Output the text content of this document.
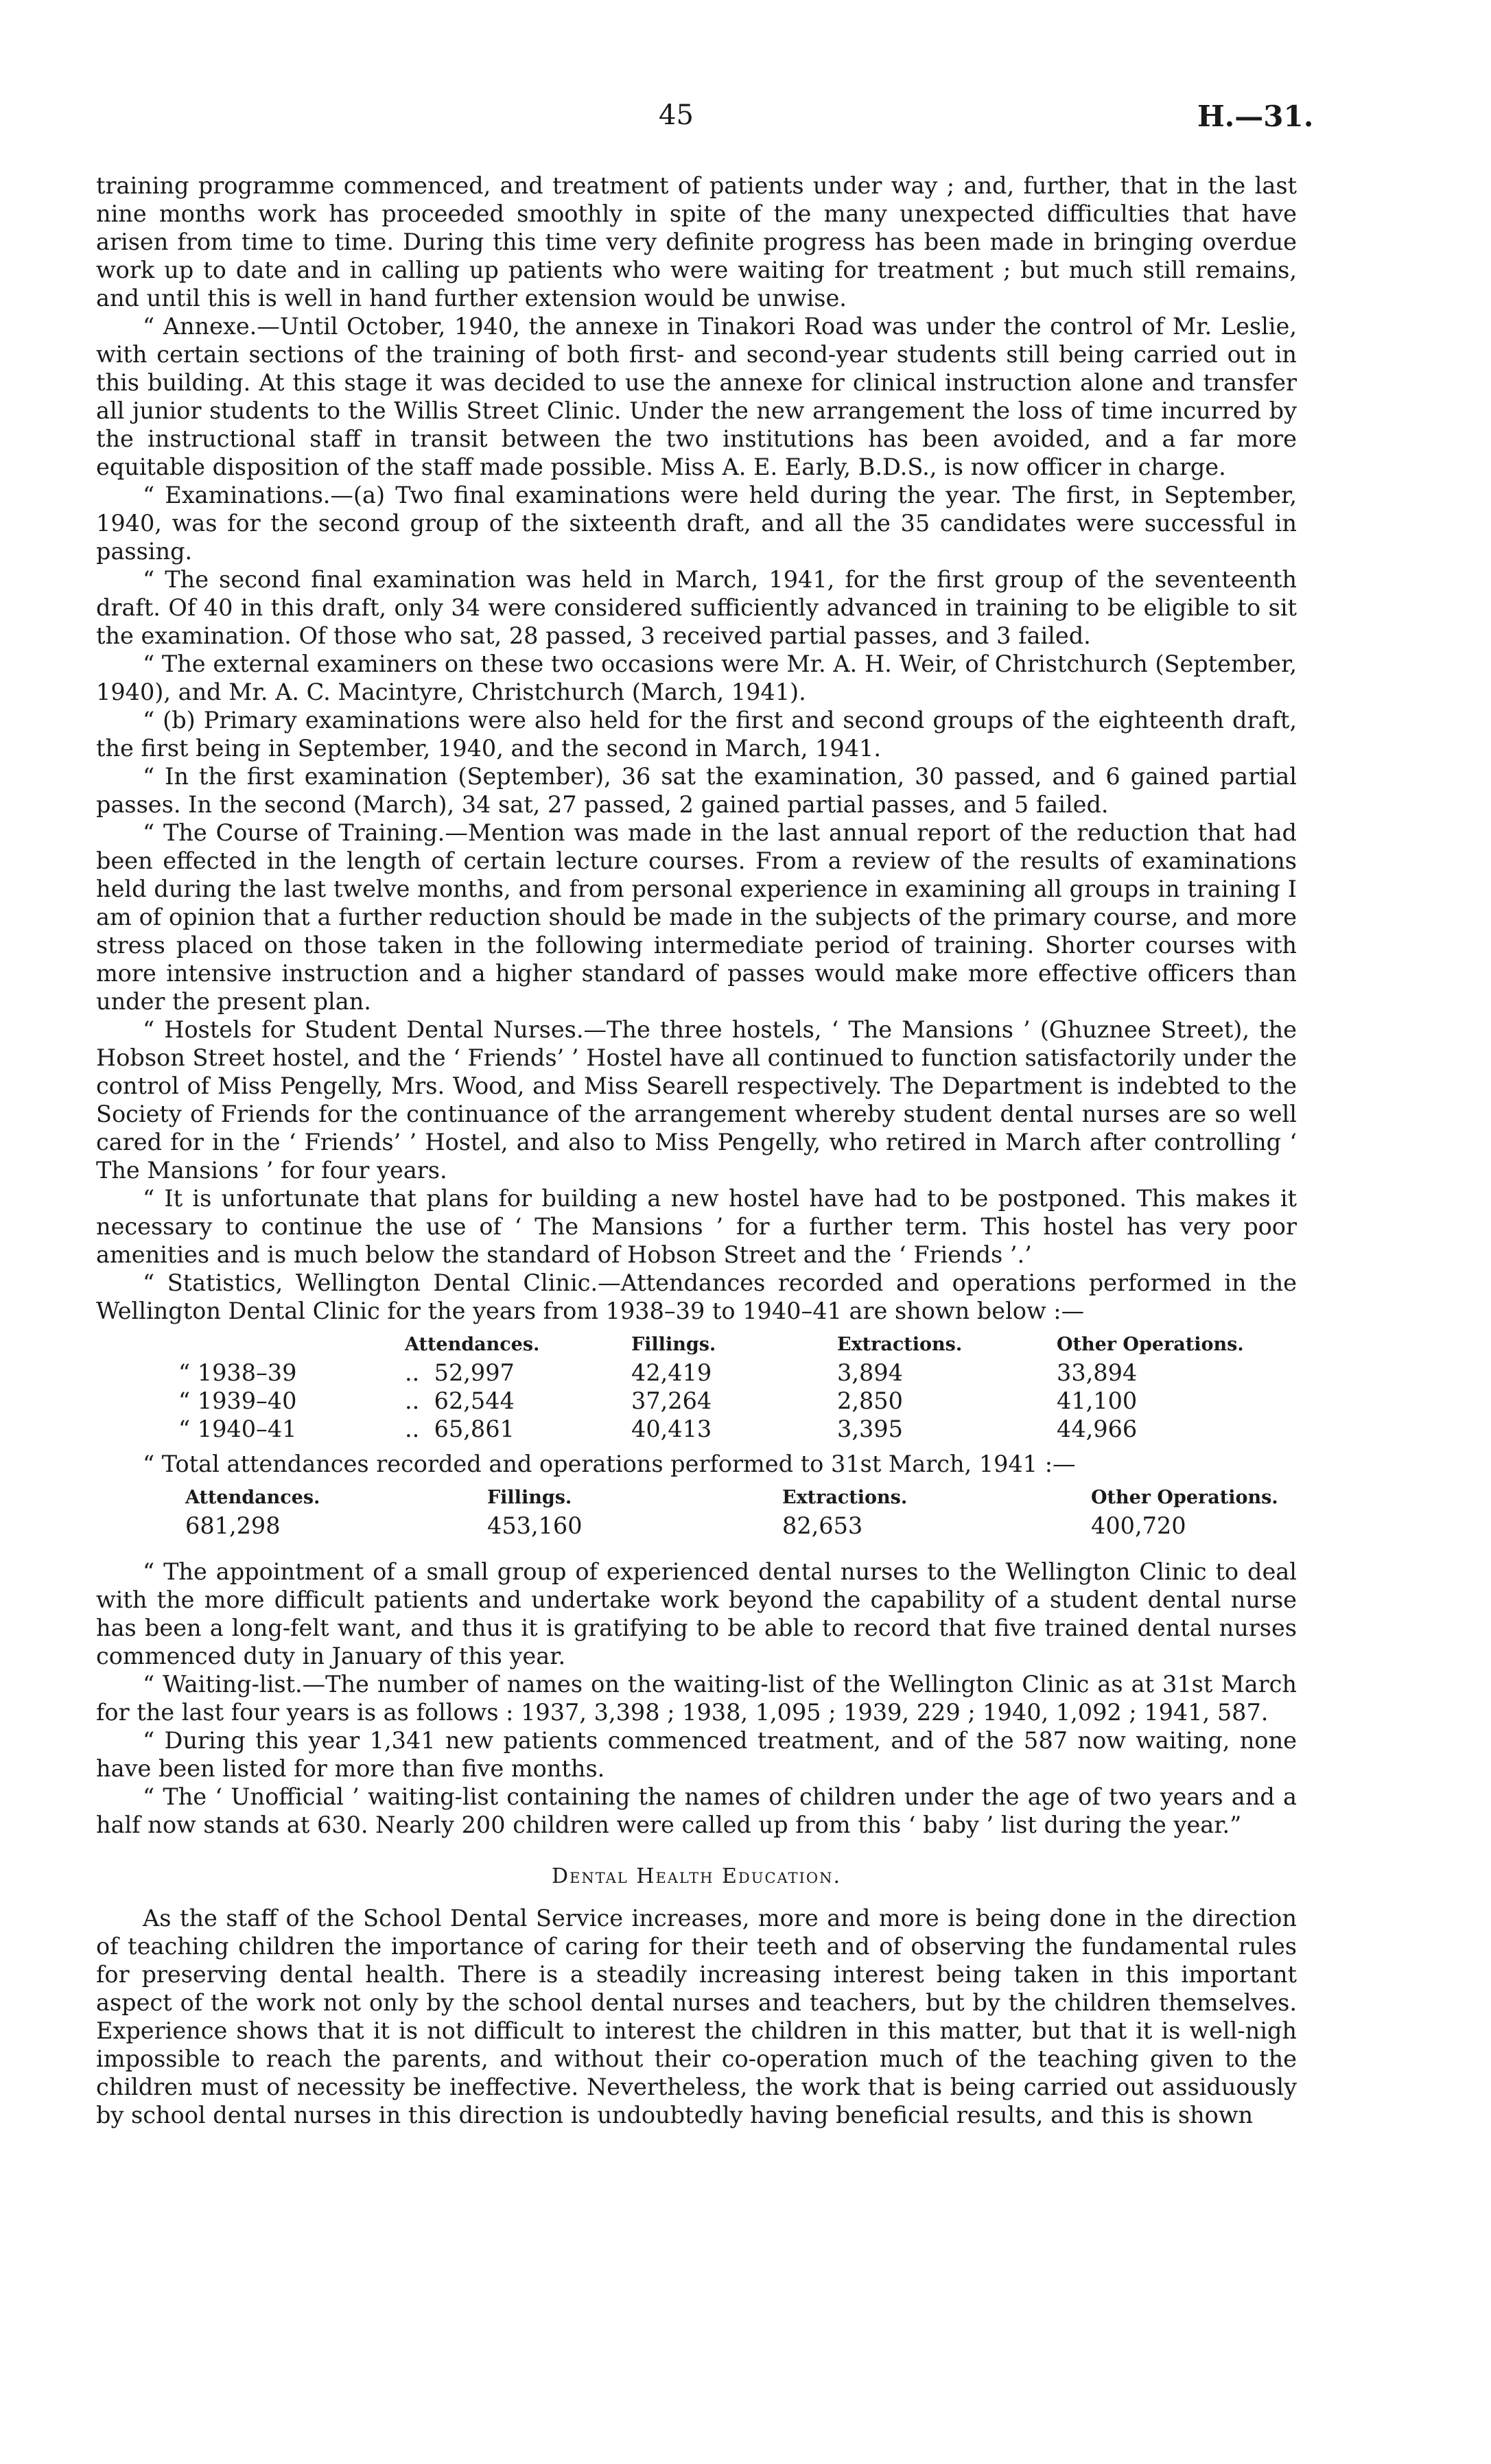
45	H.—31.

training programme commenced, and treatment of patients under way ; and, further, that in the last nine months work has proceeded smoothly in spite of the many unexpected difficulties that have arisen from time to time. During this time very definite progress has been made in bringing overdue work up to date and in calling up patients who were waiting for treatment ; but much still remains, and until this is well in hand further extension would be unwise.

“ Annexe.—Until October, 1940, the annexe in Tinakori Road was under the control of Mr. Leslie, with certain sections of the training of both first- and second-year students still being carried out in this building. At this stage it was decided to use the annexe for clinical instruction alone and transfer all junior students to the Willis Street Clinic. Under the new arrangement the loss of time incurred by the instructional staff in transit between the two institutions has been avoided, and a far more equitable disposition of the staff made possible. Miss A. E. Early, B.D.S., is now officer in charge.

“ Examinations.—(a) Two final examinations were held during the year. The first, in September, 1940, was for the second group of the sixteenth draft, and all the 35 candidates were successful in passing.

“ The second final examination was held in March, 1941, for the first group of the seventeenth draft. Of 40 in this draft, only 34 were considered sufficiently advanced in training to be eligible to sit the examination. Of those who sat, 28 passed, 3 received partial passes, and 3 failed.

“ The external examiners on these two occasions were Mr. A. H. Weir, of Christchurch (September, 1940), and Mr. A. C. Macintyre, Christchurch (March, 1941).

“ (b) Primary examinations were also held for the first and second groups of the eighteenth draft, the first being in September, 1940, and the second in March, 1941.

“ In the first examination (September), 36 sat the examination, 30 passed, and 6 gained partial passes. In the second (March), 34 sat, 27 passed, 2 gained partial passes, and 5 failed.

“ The Course of Training.—Mention was made in the last annual report of the reduction that had been effected in the length of certain lecture courses. From a review of the results of examinations held during the last twelve months, and from personal experience in examining all groups in training I am of opinion that a further reduction should be made in the subjects of the primary course, and more stress placed on those taken in the following intermediate period of training. Shorter courses with more intensive instruction and a higher standard of passes would make more effective officers than under the present plan.

“ Hostels for Student Dental Nurses.—The three hostels, ‘ The Mansions ’ (Ghuznee Street), the Hobson Street hostel, and the ‘ Friends’ ’ Hostel have all continued to function satisfactorily under the control of Miss Pengelly, Mrs. Wood, and Miss Searell respectively. The Department is indebted to the Society of Friends for the continuance of the arrangement whereby student dental nurses are so well cared for in the ‘ Friends’ ’ Hostel, and also to Miss Pengelly, who retired in March after controlling ‘ The Mansions ’ for four years.

“ It is unfortunate that plans for building a new hostel have had to be postponed. This makes it necessary to continue the use of ‘ The Mansions ’ for a further term. This hostel has very poor amenities and is much below the standard of Hobson Street and the ‘ Friends ’.’

“ Statistics, Wellington Dental Clinic.—Attendances recorded and operations performed in the Wellington Dental Clinic for the years from 1938–39 to 1940–41 are shown below :—

Attendances.	Fillings.	Extractions.	Other Operations.
“ 1938–39	.. 52,997	42,419	3,894	33,894
“ 1939–40	.. 62,544	37,264	2,850	41,100
“ 1940–41	.. 65,861	40,413	3,395	44,966

“ Total attendances recorded and operations performed to 31st March, 1941 :—

Attendances.	Fillings.	Extractions.	Other Operations.
681,298	453,160	82,653	400,720

“ The appointment of a small group of experienced dental nurses to the Wellington Clinic to deal with the more difficult patients and undertake work beyond the capability of a student dental nurse has been a long-felt want, and thus it is gratifying to be able to record that five trained dental nurses commenced duty in January of this year.

“ Waiting-list.—The number of names on the waiting-list of the Wellington Clinic as at 31st March for the last four years is as follows : 1937, 3,398 ; 1938, 1,095 ; 1939, 229 ; 1940, 1,092 ; 1941, 587.

“ During this year 1,341 new patients commenced treatment, and of the 587 now waiting, none have been listed for more than five months.

“ The ‘ Unofficial ’ waiting-list containing the names of children under the age of two years and a half now stands at 630. Nearly 200 children were called up from this ‘ baby ’ list during the year.”

Dental Health Education.

As the staff of the School Dental Service increases, more and more is being done in the direction of teaching children the importance of caring for their teeth and of observing the fundamental rules for preserving dental health. There is a steadily increasing interest being taken in this important aspect of the work not only by the school dental nurses and teachers, but by the children themselves. Experience shows that it is not difficult to interest the children in this matter, but that it is well-nigh impossible to reach the parents, and without their co-operation much of the teaching given to the children must of necessity be ineffective. Nevertheless, the work that is being carried out assiduously by school dental nurses in this direction is undoubtedly having beneficial results, and this is shown
